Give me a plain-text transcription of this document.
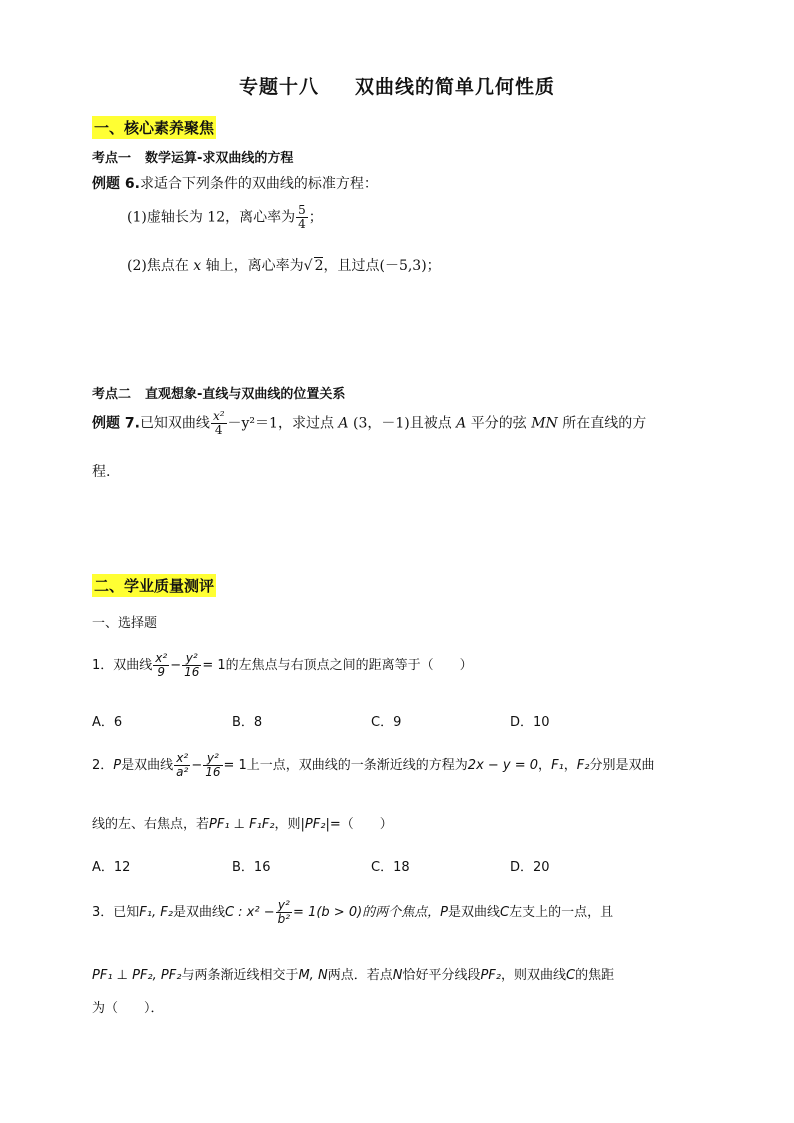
专题十八 双曲线的简单几何性质
一、核心素养聚焦
考点一 数学运算-求双曲线的方程
例题 6.求适合下列条件的双曲线的标准方程：
(1)虚轴长为 12，离心率为 $\frac{5}{4}$ ；
(2)焦点在 x 轴上，离心率为√ 2，且过点(－5,3)；
考点二 直观想象-直线与双曲线的位置关系
例题 7.已知双曲线 $\frac{\text{x²}}{4} -y^2=1$，求过点 A (3，－1)且被点 A 平分的弦 MN 所在直线的方
程.
二、学业质量测评
一、选择题
1．双曲线 $\frac{\text{x²}}{9} - \frac{\text{y²}}{16} = 1$的左焦点与右顶点之间的距离等于（　　）
A．6	B．8	C．9	D．10
2．P是双曲线 $\frac{\text{x²}}{\text{a²}} - \frac{\text{y²}}{16} = 1$上一点，双曲线的一条渐近线的方程为2x − y = 0，F₁，F₂分别是双曲
线的左、右焦点，若PF₁ ⊥ F₁F₂，则|PF₂|=（　　）
A．12	B．16	C．18	D．20
3．已知F₁, F₂是双曲线C : $x^2 - \frac{\text{y²}}{\text{b²}} = 1(b > 0)$的两个焦点，P是双曲线C左支上的一点，且
PF₁ ⊥ PF₂, PF₂与两条渐近线相交于M, N两点．若点N恰好平分线段PF₂，则双曲线C的焦距
为（　　）．
